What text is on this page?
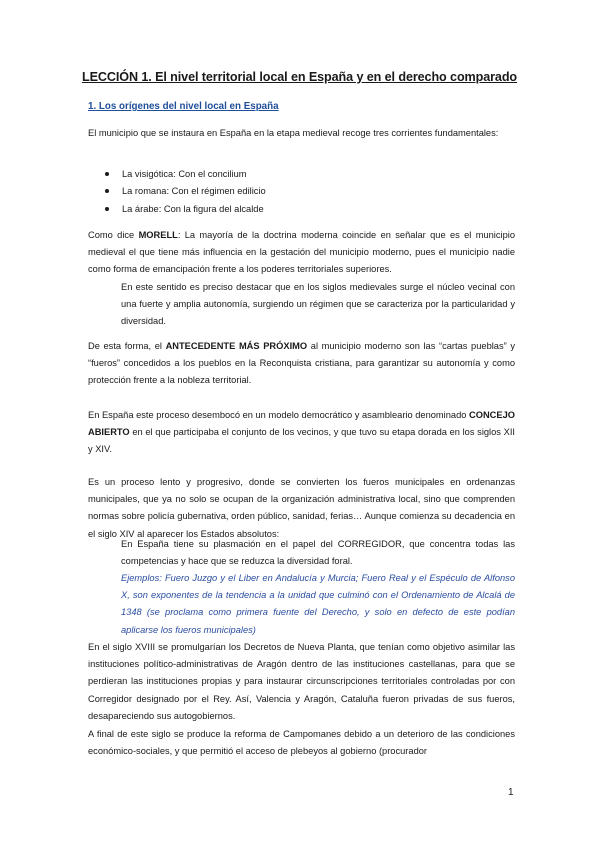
LECCIÓN 1. El nivel territorial local en España y en el derecho comparado
1. Los orígenes del nivel local en España

El municipio que se instaura en España en la etapa medieval recoge tres corrientes fundamentales:

La visigótica: Con el concilium
La romana: Con el régimen edilicio
La árabe: Con la figura del alcalde

Como dice MORELL: La mayoría de la doctrina moderna coincide en señalar que es el municipio medieval el que tiene más influencia en la gestación del municipio moderno, pues el municipio nadie como forma de emancipación frente a los poderes territoriales superiores.

En este sentido es preciso destacar que en los siglos medievales surge el núcleo vecinal con una fuerte y amplia autonomía, surgiendo un régimen que se caracteriza por la particularidad y diversidad.

De esta forma, el ANTECEDENTE MÁS PRÓXIMO al municipio moderno son las “cartas pueblas” y “fueros” concedidos a los pueblos en la Reconquista cristiana, para garantizar su autonomía y como protección frente a la nobleza territorial.

En España este proceso desembocó en un modelo democrático y asambleario denominado CONCEJO ABIERTO en el que participaba el conjunto de los vecinos, y que tuvo su etapa dorada en los siglos XII y XIV.

Es un proceso lento y progresivo, donde se convierten los fueros municipales en ordenanzas municipales, que ya no solo se ocupan de la organización administrativa local, sino que comprenden normas sobre policía gubernativa, orden público, sanidad, ferias… Aunque comienza su decadencia en el siglo XIV al aparecer los Estados absolutos:

En España tiene su plasmación en el papel del CORREGIDOR, que concentra todas las competencias y hace que se reduzca la diversidad foral.

Ejemplos: Fuero Juzgo y el Liber en Andalucía y Murcia; Fuero Real y el Espéculo de Alfonso X, son exponentes de la tendencia a la unidad que culminó con el Ordenamiento de Alcalá de 1348 (se proclama como primera fuente del Derecho, y solo en defecto de este podían aplicarse los fueros municipales)

En el siglo XVIII se promulgarían los Decretos de Nueva Planta, que tenían como objetivo asimilar las instituciones político-administrativas de Aragón dentro de las instituciones castellanas, para que se perdieran las instituciones propias y para instaurar circunscripciones territoriales controladas por con Corregidor designado por el Rey. Así, Valencia y Aragón, Cataluña fueron privadas de sus fueros, desapareciendo sus autogobiernos.

A final de este siglo se produce la reforma de Campomanes debido a un deterioro de las condiciones económico-sociales, y que permitió el acceso de plebeyos al gobierno (procurador

1
